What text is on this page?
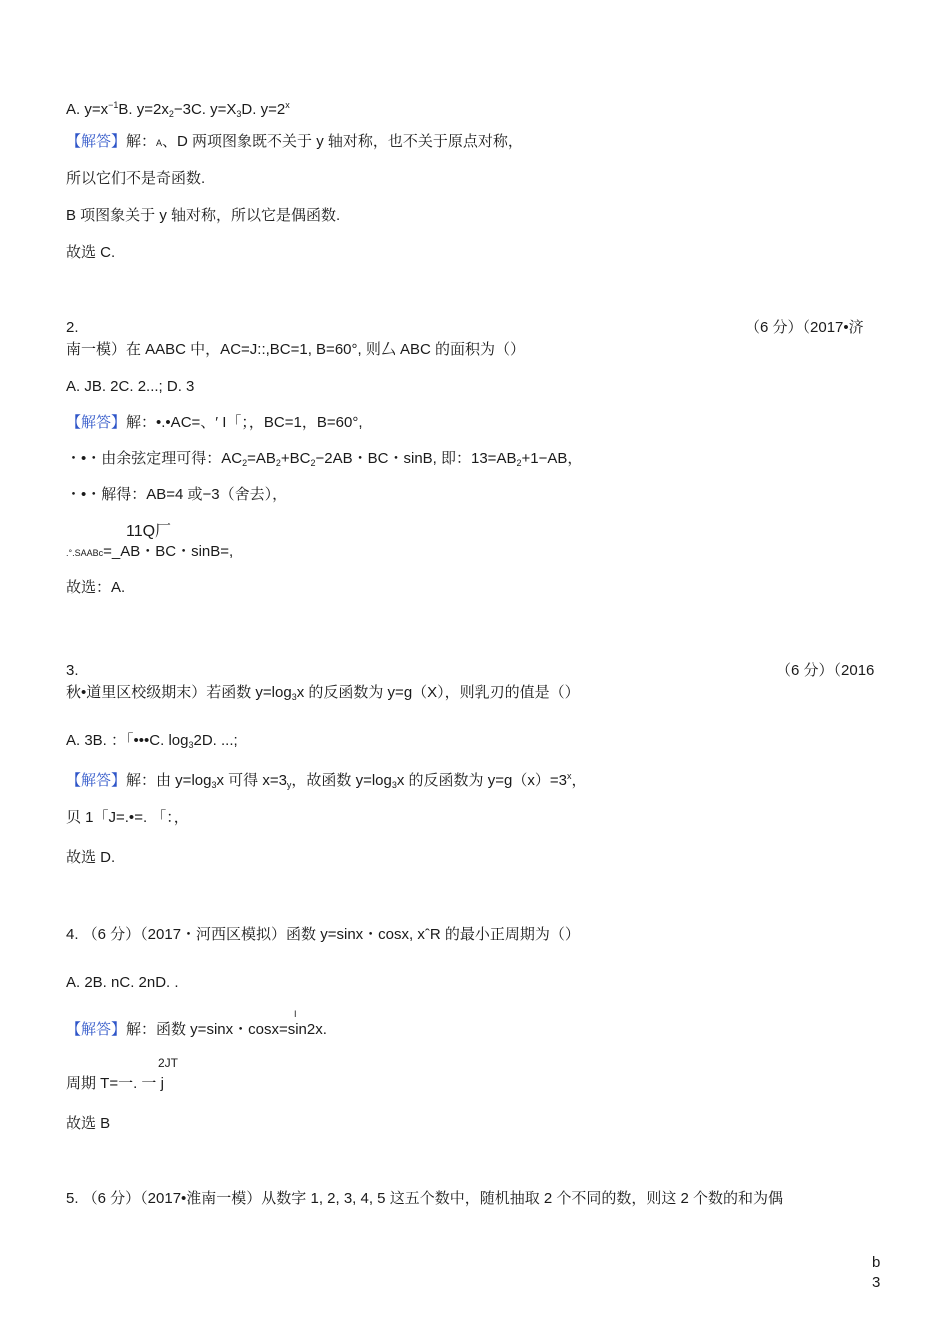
A. $y=x^{-1}B$. $y=2x_2-3C$. $y=X_3D$. $y=2^x$
【解答】解：A、D 两项图象既不关于 y 轴对称，也不关于原点对称，
所以它们不是奇函数.
B 项图象关于 y 轴对称，所以它是偶函数.
故选 C.
2.	（6 分）（2017•济
南一模）在 AABC 中，AC=J::,BC=1, B=60°, 则厶 ABC 的面积为（）
A. JB. 2C. 2...; D. 3
【解答】解：•.•AC=、′ I「；，BC=1，B=60°,
・•・由余弦定理可得：$AC_2=AB_2+BC_2-2AB$・BC・sinB, 即：$13=AB_2+1-AB$，
・•・解得：AB=4 或−3（舍去），
11Q厂
.°.SAABc=_AB・BC・sinB=,
故选：A.
3.	（6 分）（2016
秋•道里区校级期末）若函数 $y=\log_3x$ 的反函数为 y=g（X），则乳刃的值是（）
A. 3B. ：「•••C. $\log_32D$. ...;
【解答】解：由 $y=\log_3x$ 可得 $x=3_y$，故函数 $y=\log_3x$ 的反函数为 $y=g(x)=3^x$，
贝 1「J=.•=. 「：，
故选 D.
4. （6 分）（2017・河西区模拟）函数 y=sinx・cosx, xˆR 的最小正周期为（）
A. 2B. nC. 2nD. .
I
【解答】解：函数 y=sinx・cosx=sin2x.
2JT
周期 T=一. 一 j
故选 B
5. （6 分）（2017•淮南一模）从数字 1, 2, 3, 4, 5 这五个数中，随机抽取 2 个不同的数，则这 2 个数的和为偶
b
3
